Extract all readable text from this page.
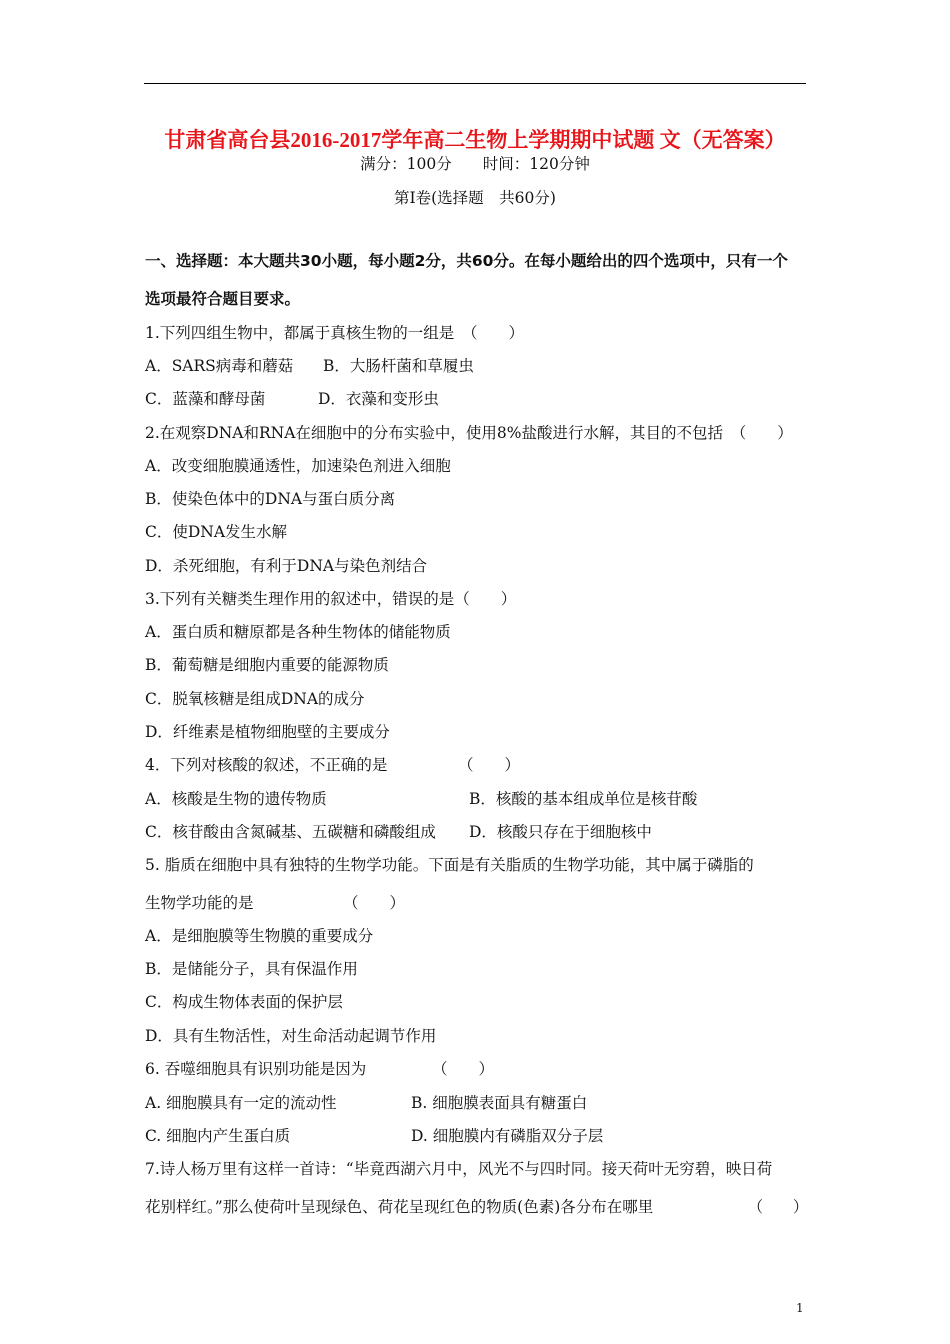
甘肃省高台县2016-2017学年高二生物上学期期中试题 文（无答案）
满分：100分　　时间：120分钟
第Ⅰ卷(选择题　共60分)
一、选择题：本大题共30小题，每小题2分，共60分。在每小题给出的四个选项中，只有一个
选项最符合题目要求。
1.下列四组生物中，都属于真核生物的一组是　（　　）
A．SARS病毒和蘑菇 B．大肠杆菌和草履虫
C．蓝藻和酵母菌	D．衣藻和变形虫
2.在观察DNA和RNA在细胞中的分布实验中，使用8%盐酸进行水解，其目的不包括　（　　）
A．改变细胞膜通透性，加速染色剂进入细胞
B．使染色体中的DNA与蛋白质分离
C．使DNA发生水解
D．杀死细胞，有利于DNA与染色剂结合
3.下列有关糖类生理作用的叙述中，错误的是（　　）
A．蛋白质和糖原都是各种生物体的储能物质
B．葡萄糖是细胞内重要的能源物质
C．脱氧核糖是组成DNA的成分
D．纤维素是植物细胞壁的主要成分
4．下列对核酸的叙述，不正确的是	（　　）
A．核酸是生物的遗传物质	B．核酸的基本组成单位是核苷酸
C．核苷酸由含氮碱基、五碳糖和磷酸组成 D．核酸只存在于细胞核中
5. 脂质在细胞中具有独特的生物学功能。下面是有关脂质的生物学功能，其中属于磷脂的
生物学功能的是	（　　）
A．是细胞膜等生物膜的重要成分
B．是储能分子，具有保温作用
C．构成生物体表面的保护层
D．具有生物活性，对生命活动起调节作用
6. 吞噬细胞具有识别功能是因为	（　　）
A. 细胞膜具有一定的流动性	B. 细胞膜表面具有糖蛋白
C. 细胞内产生蛋白质	D. 细胞膜内有磷脂双分子层
7.诗人杨万里有这样一首诗：“毕竟西湖六月中，风光不与四时同。接天荷叶无穷碧，映日荷
花别样红。”那么使荷叶呈现绿色、荷花呈现红色的物质(色素)各分布在哪里	（　　）
1
